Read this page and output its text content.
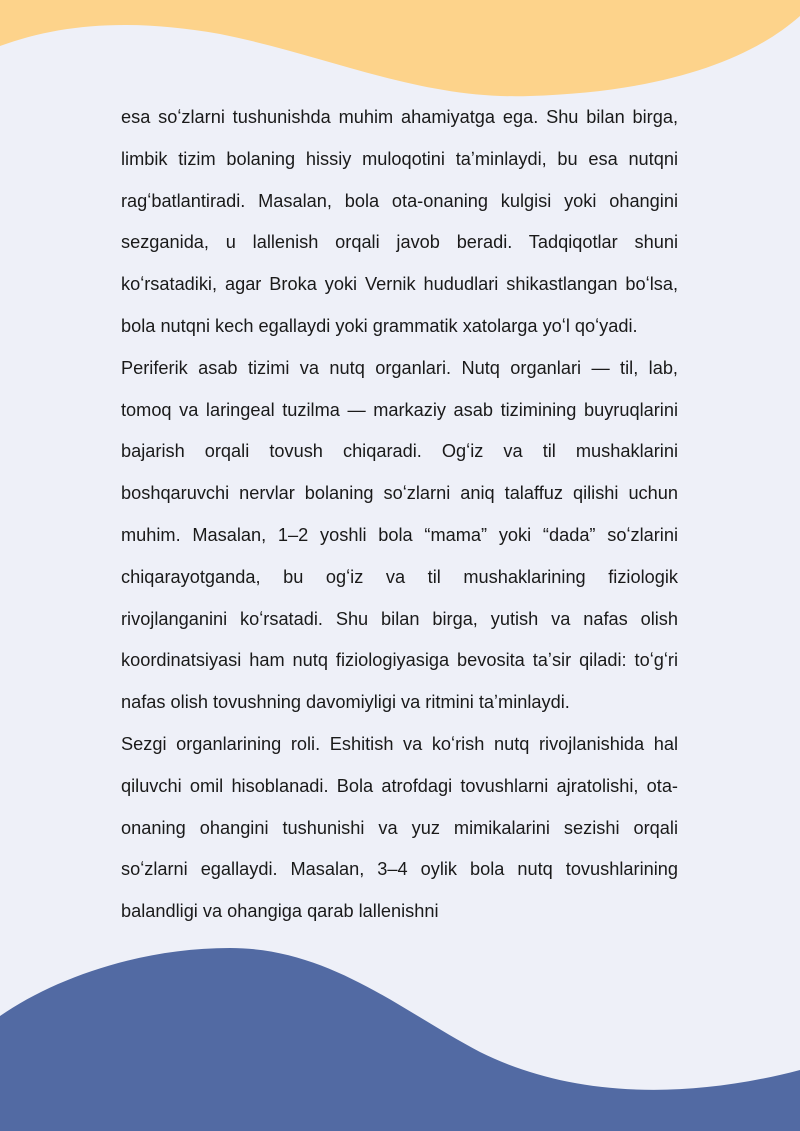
esa soʻzlarni tushunishda muhim ahamiyatga ega. Shu bilan birga, limbik tizim bolaning hissiy muloqotini taʼminlaydi, bu esa nutqni ragʻbatlantiradi. Masalan, bola ota-onaning kulgisi yoki ohangini sezganida, u lallenish orqali javob beradi. Tadqiqotlar shuni koʻrsatadiki, agar Broka yoki Vernik hududlari shikastlangan boʻlsa, bola nutqni kech egallaydi yoki grammatik xatolarga yoʻl qoʻyadi.

Periferik asab tizimi va nutq organlari. Nutq organlari — til, lab, tomoq va laringeal tuzilma — markaziy asab tizimining buyruqlarini bajarish orqali tovush chiqaradi. Ogʻiz va til mushaklarini boshqaruvchi nervlar bolaning soʻzlarni aniq talaffuz qilishi uchun muhim. Masalan, 1–2 yoshli bola “mama” yoki “dada” soʻzlarini chiqarayotganda, bu ogʻiz va til mushaklarining fiziologik rivojlanganini koʻrsatadi. Shu bilan birga, yutish va nafas olish koordinatsiyasi ham nutq fiziologiyasiga bevosita taʼsir qiladi: toʻgʻri nafas olish tovushning davomiyligi va ritmini taʼminlaydi.

Sezgi organlarining roli. Eshitish va koʻrish nutq rivojlanishida hal qiluvchi omil hisoblanadi. Bola atrofdagi tovushlarni ajratolishi, ota-onaning ohangini tushunishi va yuz mimikalarini sezishi orqali soʻzlarni egallaydi. Masalan, 3–4 oylik bola nutq tovushlarining balandligi va ohangiga qarab lallenishni
